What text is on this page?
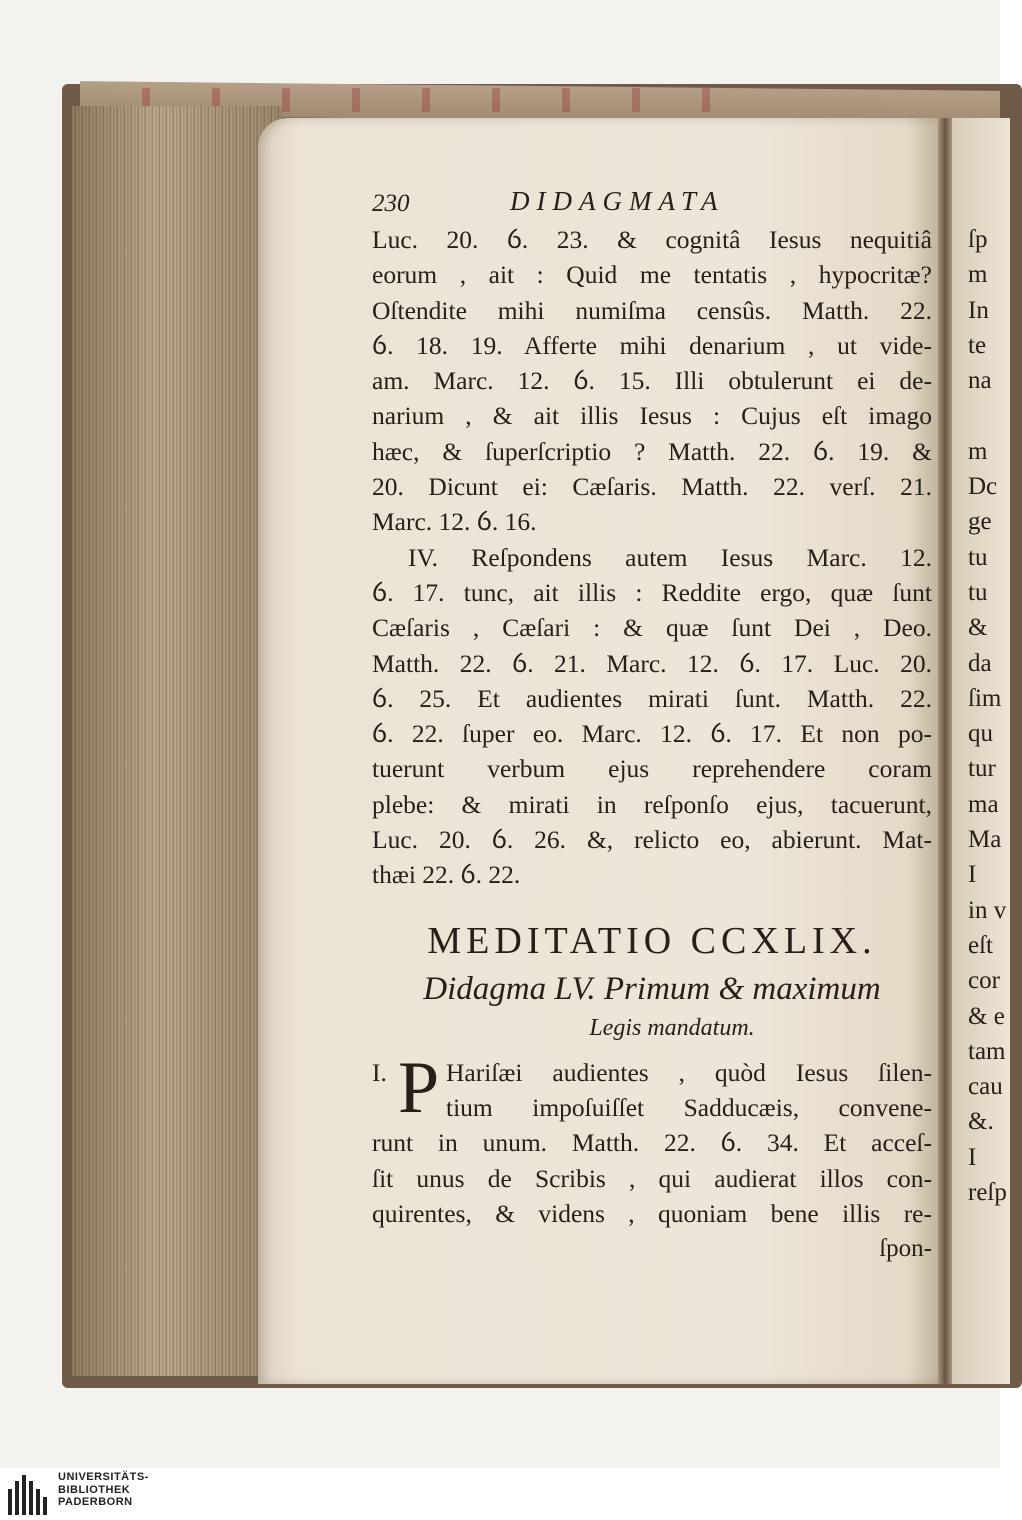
230	DIDAGMATA
Luc. 20. ỽ. 23. & cognitâ Iesus nequitiâ
eorum , ait : Quid me tentatis , hypocritæ?
Oſtendite mihi numiſma censûs. Matth. 22.
ỽ. 18. 19. Afferte mihi denarium , ut vide-
am. Marc. 12. ỽ. 15. Illi obtulerunt ei de-
narium , & ait illis Iesus : Cujus eſt imago
hæc, & ſuperſcriptio ? Matth. 22. ỽ. 19. &
20. Dicunt ei: Cæſaris. Matth. 22. verſ. 21.
Marc. 12. ỽ. 16.
IV. Reſpondens autem Iesus Marc. 12.
ỽ. 17. tunc, ait illis : Reddite ergo, quæ ſunt
Cæſaris , Cæſari : & quæ ſunt Dei , Deo.
Matth. 22. ỽ. 21. Marc. 12. ỽ. 17. Luc. 20.
ỽ. 25. Et audientes mirati ſunt. Matth. 22.
ỽ. 22. ſuper eo. Marc. 12. ỽ. 17. Et non po-
tuerunt verbum ejus reprehendere coram
plebe: & mirati in reſponſo ejus, tacuerunt,
Luc. 20. ỽ. 26. &, relicto eo, abierunt. Mat-
thæi 22. ỽ. 22.
MEDITATIO CCXLIX.
Didagma LV. Primum & maximum
Legis mandatum.
I. P Hariſæi audientes , quòd Iesus ſilen-
tium impoſuiſſet Sadducæis, convene-
runt in unum. Matth. 22. ỽ. 34. Et acceſ-
ſit unus de Scribis , qui audierat illos con-
quirentes, & videns , quoniam bene illis re-
ſpon-
ſp
m
In
te
na
m
Dc
ge
tu
tu
&
da
ſim
qu
tur
ma
Ma
I
in v
eſt
cor
& e
tam
cau
&.
I
reſp
UNIVERSITÄTS-
BIBLIOTHEK
PADERBORN
